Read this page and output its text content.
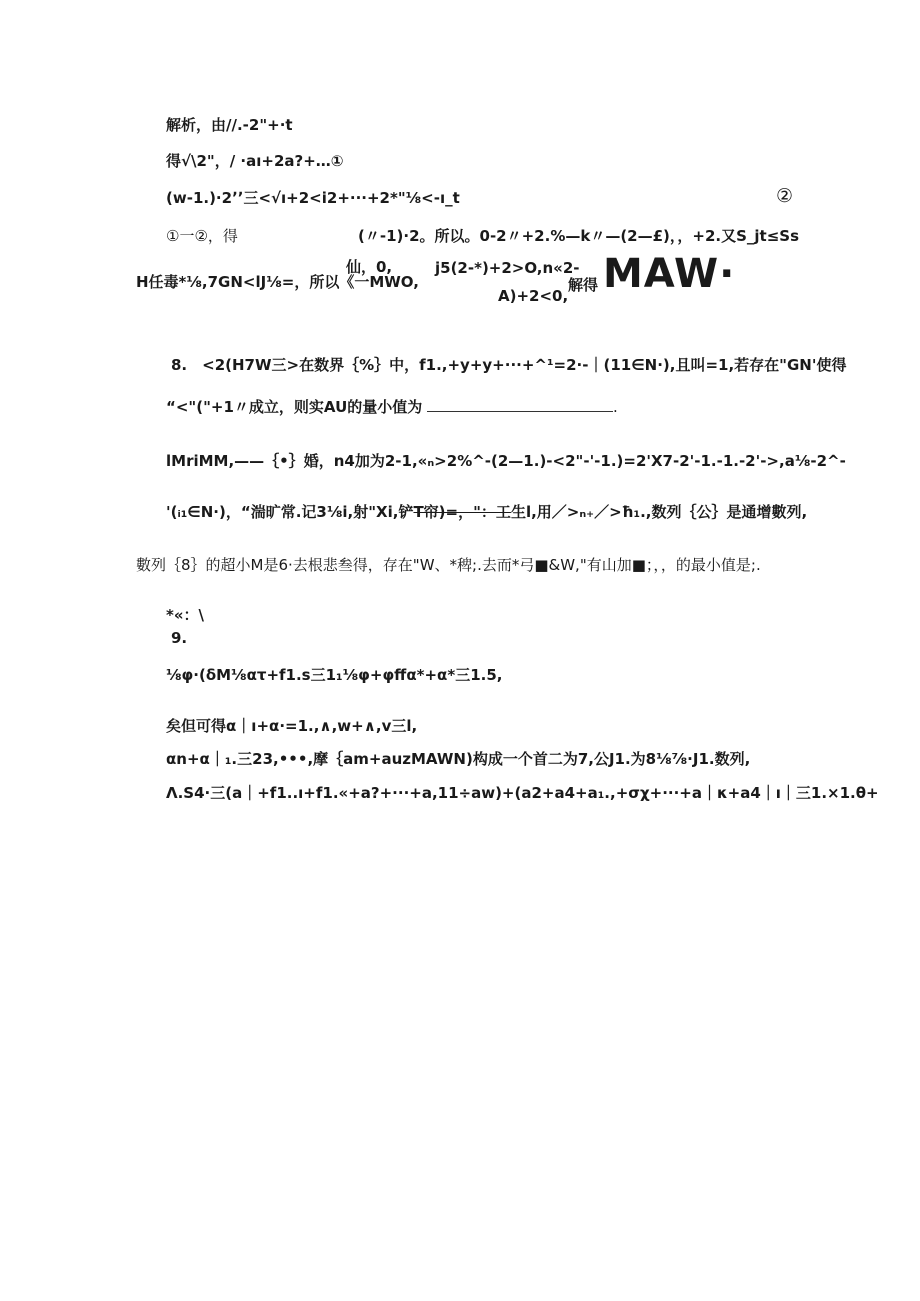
解析，由//.-2"+·t
得√\2"，/ ·aı+2a?+…①
(w-1.)·2ʼʼ三<√ı+2<i2+···+2*"⅛<-ı_t	②
①一②，得	(〃-1)·2。所以。0-2〃+2.%—k〃—(2—£)，，+2.又S_jt≤Ss
H任毒*⅛,7GN<lJ⅛=，所以《一MWO,
仙，0,	j5(2-*)+2>O,n«2-
解得 MAW·
A)+2<0,
8.　<2(H7W三>在数界｛%｝中，f1.,+y+y+···+^¹=2·-｜(11∈N·),且叫=1,若存在"GN'使得
“<"("+1〃成立，则实AU的量小值为	.
lMriMM,——｛•｝婚，n4加为2-1,«ₙ>2%^-(2—1.)-<2"-'-1.)=2'X7-2'-1.-1.-2'->,a⅛-2^-
'(ᵢ₁∈N·)，“湍旷常.记3⅛i,射"Xi,铲T帘)=，"：工生l,用／>ₙ₊／>ħ₁.,数列｛公｝是通增數列,
數列｛8｝的超小M是6·去根悲叁得，存在"W、*稗;.去而*弓■&W,"有山加■；，，的最小值是;.
*«：\
9.
⅛φ·(δM⅛ατ+f1.s三1₁⅛φ+φffα*+α*三1.5,
矣但可得α｜ı+α·=1.,∧,w+∧,v三l,
αn+α｜₁.三23,•••,摩｛am+auzMAWN)构成一个首二为7,公J1.为8⅛⅞·J1.数列,
Λ.S4·三(a｜+f1..ı+f1.«+a?+···+a,11÷aw)+(a2+a4+a₁.,+σχ+···+a｜κ+a4｜ı｜三1.×1.θ+
